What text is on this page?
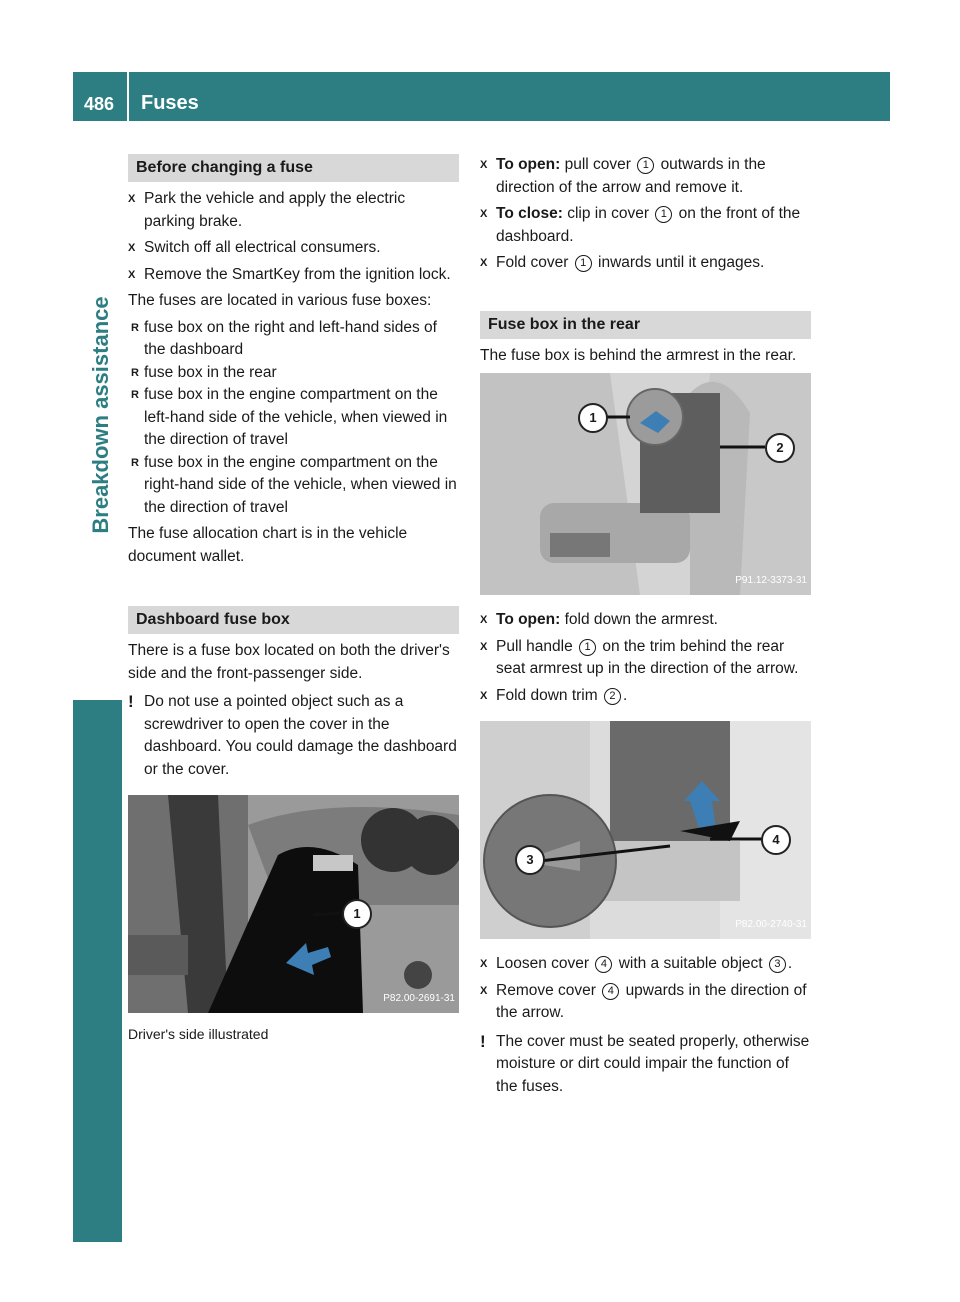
486	Fuses
Breakdown assistance
Before changing a fuse
X Park the vehicle and apply the electric parking brake.
X Switch off all electrical consumers.
X Remove the SmartKey from the ignition lock.
The fuses are located in various fuse boxes:
R fuse box on the right and left-hand sides of the dashboard
R fuse box in the rear
R fuse box in the engine compartment on the left-hand side of the vehicle, when viewed in the direction of travel
R fuse box in the engine compartment on the right-hand side of the vehicle, when viewed in the direction of travel
The fuse allocation chart is in the vehicle document wallet.
Dashboard fuse box
There is a fuse box located on both the driver's side and the front-passenger side.
! Do not use a pointed object such as a screwdriver to open the cover in the dashboard. You could damage the dashboard or the cover.
1
P82.00-2691-31
Driver's side illustrated
X To open: pull cover 1 outwards in the direction of the arrow and remove it.
X To close: clip in cover 1 on the front of the dashboard.
X Fold cover 1 inwards until it engages.
Fuse box in the rear
The fuse box is behind the armrest in the rear.
1
2
P91.12-3373-31
X To open: fold down the armrest.
X Pull handle 1 on the trim behind the rear seat armrest up in the direction of the arrow.
X Fold down trim 2 .
3
4
P82.00-2740-31
X Loosen cover 4 with a suitable object 3 .
X Remove cover 4 upwards in the direction of the arrow.
! The cover must be seated properly, otherwise moisture or dirt could impair the function of the fuses.
